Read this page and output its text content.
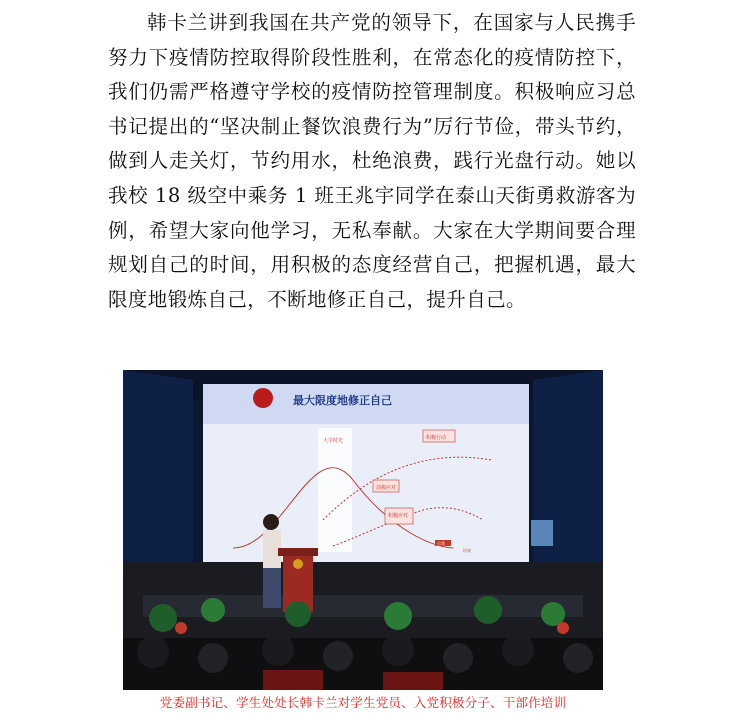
韩卡兰讲到我国在共产党的领导下，在国家与人民携手努力下疫情防控取得阶段性胜利，在常态化的疫情防控下，我们仍需严格遵守学校的疫情防控管理制度。积极响应习总书记提出的“坚决制止餐饮浪费行为”厉行节俭，带头节约，做到人走关灯，节约用水，杜绝浪费，践行光盘行动。她以我校 18 级空中乘务 1 班王兆宇同学在泰山天街勇救游客为例，希望大家向他学习，无私奉献。大家在大学期间要合理规划自己的时间，用积极的态度经营自己，把握机遇，最大限度地锻炼自己，不断地修正自己，提升自己。

最大限度地修正自己
大学时光	积极行动
消极应对
积极应对
自我
结果
党委副书记、学生处处长韩卡兰对学生党员、入党积极分子、干部作培训
